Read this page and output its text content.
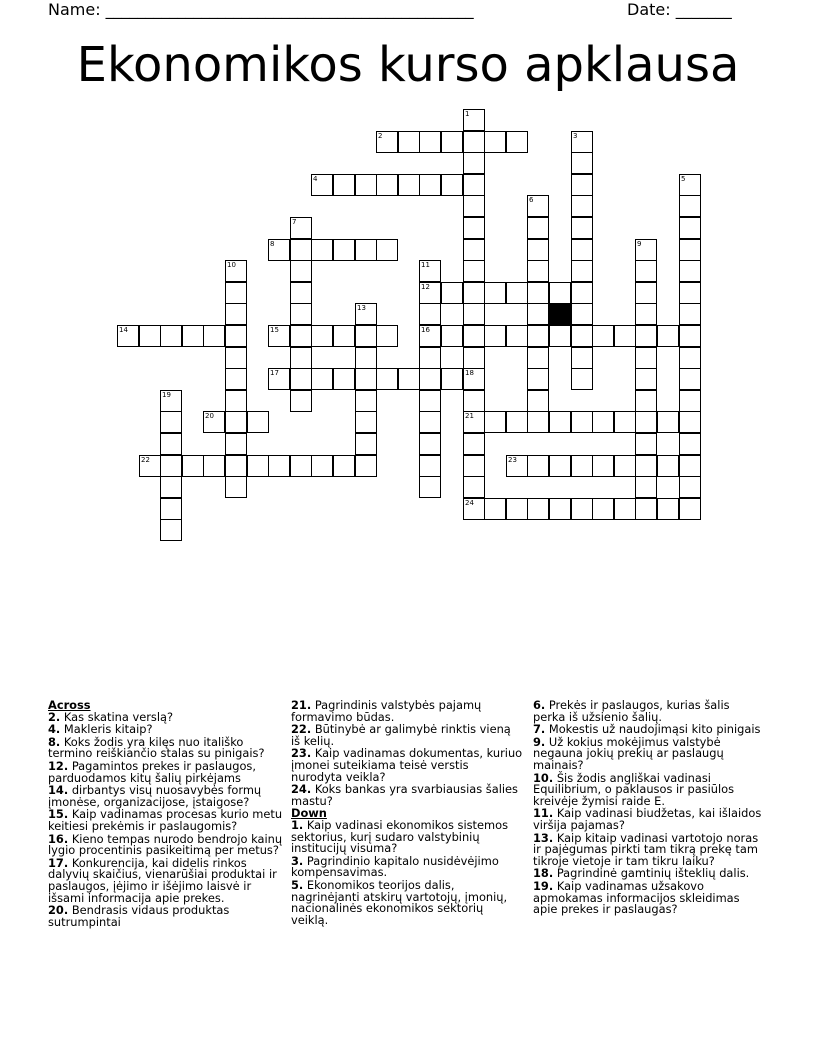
Name: ______________________________________________	Date: _______
Ekonomikos kurso apklausa
1
2	3
4	5
6
7
8	9
10	11
12
13
14	15	16
17	18
19
20	21
22	23
24
Across
2. Kas skatina verslą?
4. Makleris kitaip?
8. Koks žodis yra kilęs nuo itališko termino reiškiančio stalas su pinigais?
12. Pagamintos prekes ir paslaugos, parduodamos kitų šalių pirkėjams
14. dirbantys visų nuosavybės formų įmonėse, organizacijose, įstaigose?
15. Kaip vadinamas procesas kurio metu keitiesi prekėmis ir paslaugomis?
16. Kieno tempas nurodo bendrojo kainų lygio procentinis pasikeitimą per metus?
17. Konkurencija, kai didelis rinkos dalyvių skaičius, vienarūšiai produktai ir paslaugos, įėjimo ir išėjimo laisvė ir išsami informacija apie prekes.
20. Bendrasis vidaus produktas sutrumpintai
21. Pagrindinis valstybės pajamų formavimo būdas.
22. Būtinybė ar galimybė rinktis vieną iš kelių.
23. Kaip vadinamas dokumentas, kuriuo įmonei suteikiama teisė verstis nurodyta veikla?
24. Koks bankas yra svarbiausias šalies mastu?
Down
1. Kaip vadinasi ekonomikos sistemos sektorius, kurį sudaro valstybinių institucijų visuma?
3. Pagrindinio kapitalo nusidėvėjimo kompensavimas.
5. Ekonomikos teorijos dalis, nagrinėjanti atskirų vartotojų, įmonių, nacionalinės ekonomikos sektorių veiklą.
6. Prekės ir paslaugos, kurias šalis perka iš užsienio šalių.
7. Mokestis už naudojimąsi kito pinigais
9. Už kokius mokėjimus valstybė negauna jokių prekių ar paslaugų mainais?
10. Šis žodis angliškai vadinasi Equilibrium, o paklausos ir pasiūlos kreivėje žymisi raide E.
11. Kaip vadinasi biudžetas, kai išlaidos viršija pajamas?
13. Kaip kitaip vadinasi vartotojo noras ir pajėgumas pirkti tam tikrą prekę tam tikroje vietoje ir tam tikru laiku?
18. Pagrindinė gamtinių išteklių dalis.
19. Kaip vadinamas užsakovo apmokamas informacijos skleidimas apie prekes ir paslaugas?
